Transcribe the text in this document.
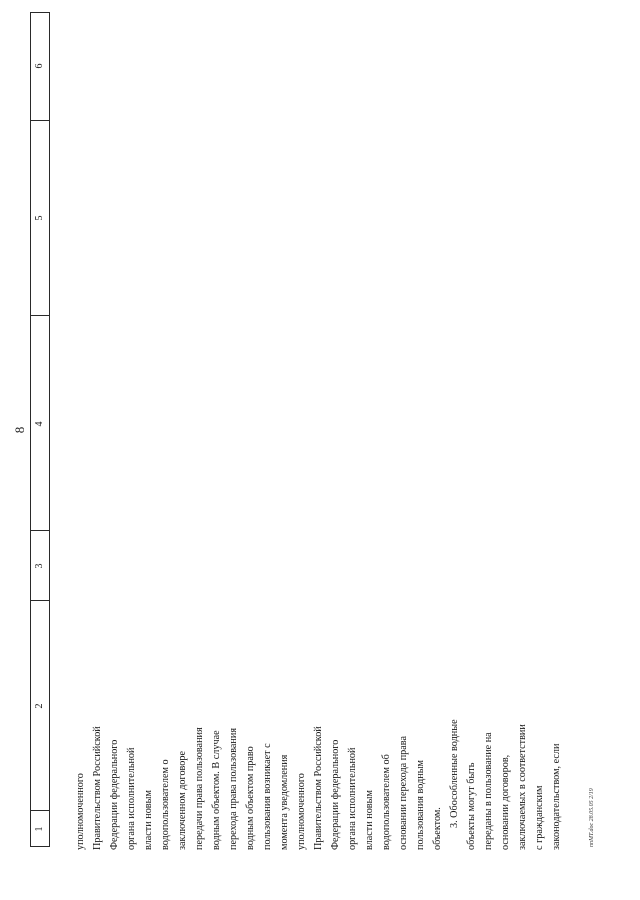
8
1
2
3
4
5
6
уполномоченного Правительством Российской Федерации федерального органа исполнительной власти новым водопользователем о заключенном договоре передачи права пользования водным объектом. В случае перехода права пользования водным объектом право пользования возникает с момента уведомления уполномоченного Правительством Российской Федерации федерального органа исполнительной власти новым водопользователем об основании перехода права пользования водным объектом.
3. Обособленные водные объекты могут быть переданы в пользование на основании договоров, заключаемых в соответствии с гражданским законодательством, если	ппМТ.doc 28.05.05 2/19
